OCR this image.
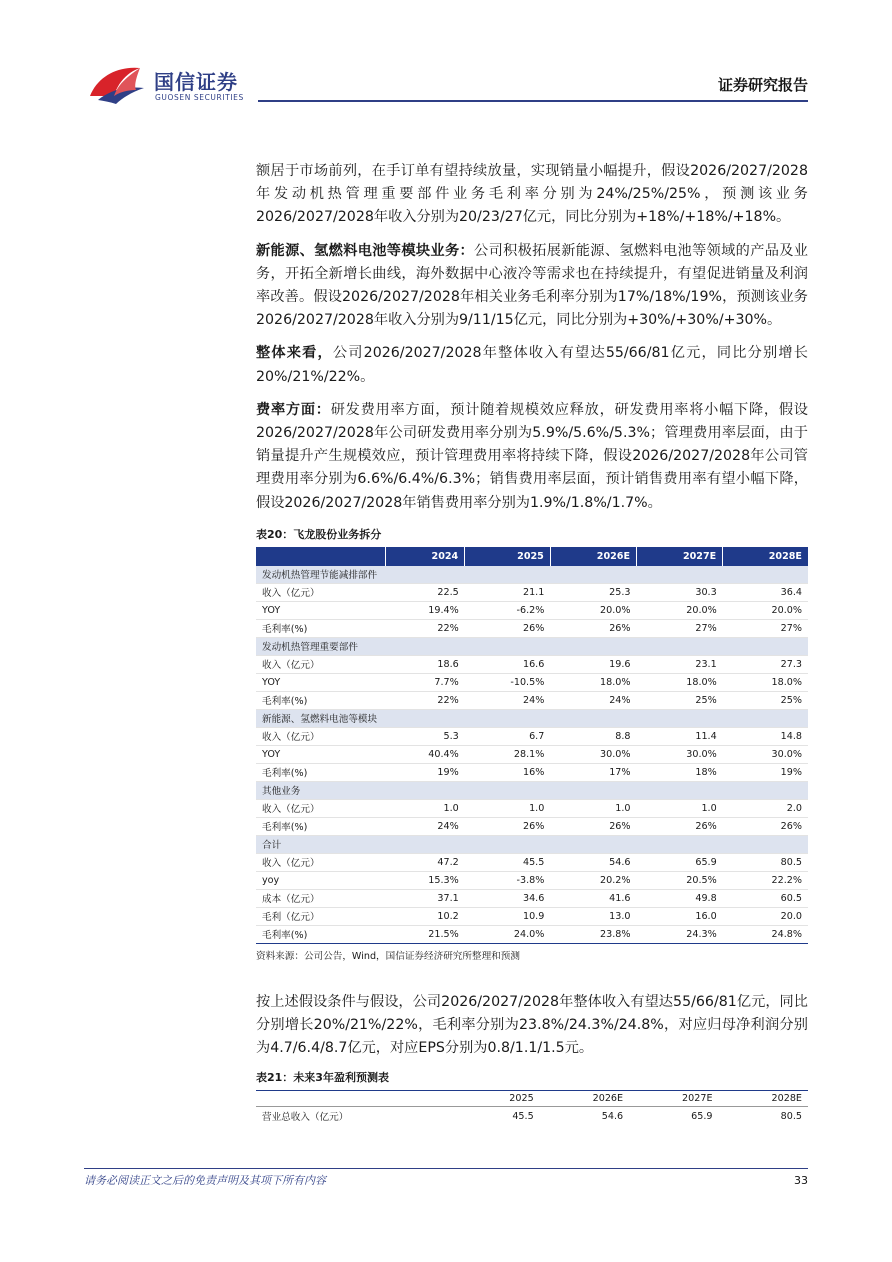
国信证券
GUOSEN SECURITIES
证券研究报告

额居于市场前列，在手订单有望持续放量，实现销量小幅提升，假设2026/2027/2028年发动机热管理重要部件业务毛利率分别为24%/25%/25%，预测该业务2026/2027/2028年收入分别为20/23/27亿元，同比分别为+18%/+18%/+18%。

新能源、氢燃料电池等模块业务：公司积极拓展新能源、氢燃料电池等领域的产品及业务，开拓全新增长曲线，海外数据中心液冷等需求也在持续提升，有望促进销量及利润率改善。假设2026/2027/2028年相关业务毛利率分别为17%/18%/19%，预测该业务2026/2027/2028年收入分别为9/11/15亿元，同比分别为+30%/+30%/+30%。

整体来看，公司2026/2027/2028年整体收入有望达55/66/81亿元，同比分别增长20%/21%/22%。

费率方面：研发费用率方面，预计随着规模效应释放，研发费用率将小幅下降，假设2026/2027/2028年公司研发费用率分别为5.9%/5.6%/5.3%；管理费用率层面，由于销量提升产生规模效应，预计管理费用率将持续下降，假设2026/2027/2028年公司管理费用率分别为6.6%/6.4%/6.3%；销售费用率层面，预计销售费用率有望小幅下降，假设2026/2027/2028年销售费用率分别为1.9%/1.8%/1.7%。

表20：飞龙股份业务拆分
	2024	2025	2026E	2027E	2028E
发动机热管理节能减排部件					
收入（亿元）	22.5	21.1	25.3	30.3	36.4
YOY	19.4%	-6.2%	20.0%	20.0%	20.0%
毛利率(%)	22%	26%	26%	27%	27%
发动机热管理重要部件					
收入（亿元）	18.6	16.6	19.6	23.1	27.3
YOY	7.7%	-10.5%	18.0%	18.0%	18.0%
毛利率(%)	22%	24%	24%	25%	25%
新能源、氢燃料电池等模块					
收入（亿元）	5.3	6.7	8.8	11.4	14.8
YOY	40.4%	28.1%	30.0%	30.0%	30.0%
毛利率(%)	19%	16%	17%	18%	19%
其他业务					
收入（亿元）	1.0	1.0	1.0	1.0	2.0
毛利率(%)	24%	26%	26%	26%	26%
合计					
收入（亿元）	47.2	45.5	54.6	65.9	80.5
yoy	15.3%	-3.8%	20.2%	20.5%	22.2%
成本（亿元）	37.1	34.6	41.6	49.8	60.5
毛利（亿元）	10.2	10.9	13.0	16.0	20.0
毛利率(%)	21.5%	24.0%	23.8%	24.3%	24.8%
资料来源：公司公告，Wind，国信证券经济研究所整理和预测

按上述假设条件与假设，公司2026/2027/2028年整体收入有望达55/66/81亿元，同比分别增长20%/21%/22%，毛利率分别为23.8%/24.3%/24.8%，对应归母净利润分别为4.7/6.4/8.7亿元，对应EPS分别为0.8/1.1/1.5元。

表21：未来3年盈利预测表
	2025	2026E	2027E	2028E
营业总收入（亿元）	45.5	54.6	65.9	80.5
请务必阅读正文之后的免责声明及其项下所有内容	33
